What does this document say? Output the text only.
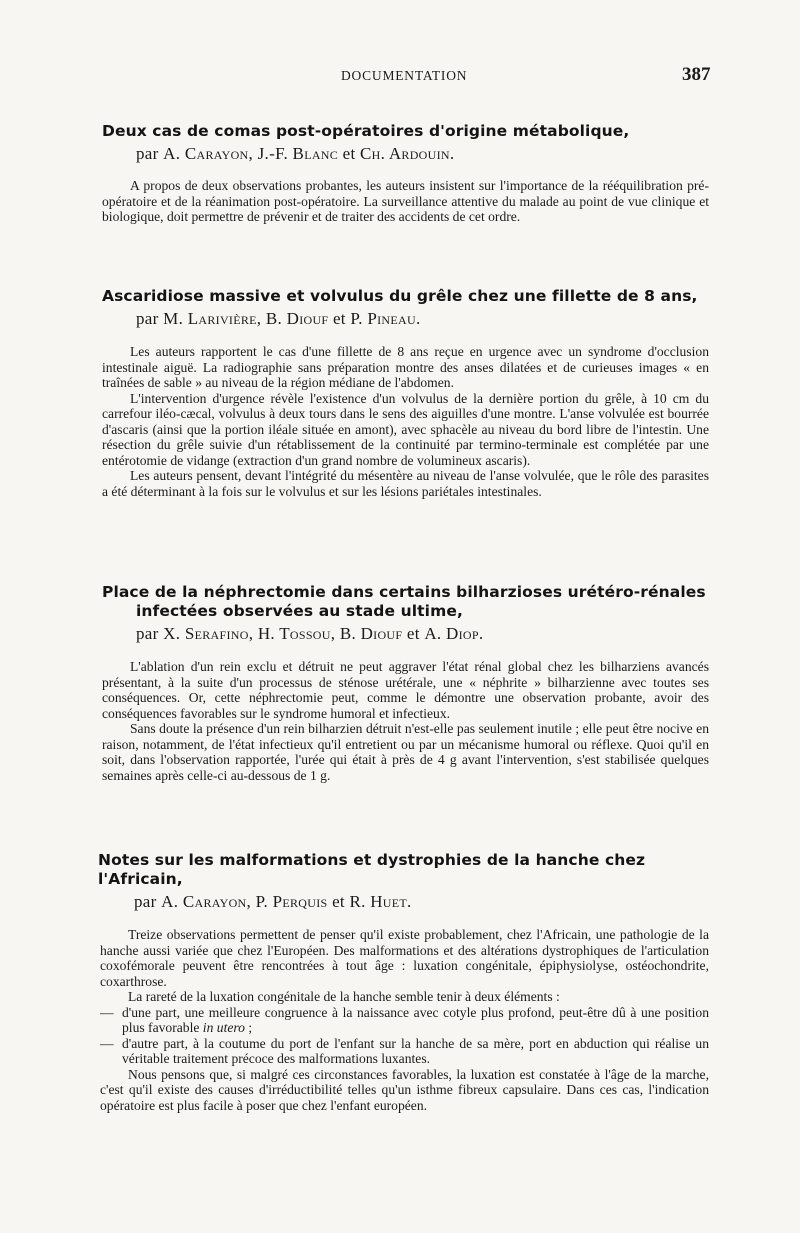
DOCUMENTATION	387
Deux cas de comas post-opératoires d'origine métabolique,
par A. Carayon, J.-F. Blanc et Ch. Ardouin.

A propos de deux observations probantes, les auteurs insistent sur l'importance de la rééquilibration pré-opératoire et de la réanimation post-opératoire. La surveillance attentive du malade au point de vue clinique et biologique, doit permettre de prévenir et de traiter des accidents de cet ordre.

Ascaridiose massive et volvulus du grêle chez une fillette de 8 ans,
par M. Larivière, B. Diouf et P. Pineau.

Les auteurs rapportent le cas d'une fillette de 8 ans reçue en urgence avec un syndrome d'occlusion intestinale aiguë. La radiographie sans préparation montre des anses dilatées et de curieuses images « en traînées de sable » au niveau de la région médiane de l'abdomen.

L'intervention d'urgence révèle l'existence d'un volvulus de la dernière portion du grêle, à 10 cm du carrefour iléo-cæcal, volvulus à deux tours dans le sens des aiguilles d'une montre. L'anse volvulée est bourrée d'ascaris (ainsi que la portion iléale située en amont), avec sphacèle au niveau du bord libre de l'intestin. Une résection du grêle suivie d'un rétablissement de la continuité par termino-terminale est complétée par une entérotomie de vidange (extraction d'un grand nombre de volumineux ascaris).

Les auteurs pensent, devant l'intégrité du mésentère au niveau de l'anse volvulée, que le rôle des parasites a été déterminant à la fois sur le volvulus et sur les lésions pariétales intestinales.

Place de la néphrectomie dans certains bilharzioses urétéro-rénales infectées observées au stade ultime,
par X. Serafino, H. Tossou, B. Diouf et A. Diop.

L'ablation d'un rein exclu et détruit ne peut aggraver l'état rénal global chez les bilharziens avancés présentant, à la suite d'un processus de sténose urétérale, une « néphrite » bilharzienne avec toutes ses conséquences. Or, cette néphrectomie peut, comme le démontre une observation probante, avoir des conséquences favorables sur le syndrome humoral et infectieux.

Sans doute la présence d'un rein bilharzien détruit n'est-elle pas seulement inutile ; elle peut être nocive en raison, notamment, de l'état infectieux qu'il entretient ou par un mécanisme humoral ou réflexe. Quoi qu'il en soit, dans l'observation rapportée, l'urée qui était à près de 4 g avant l'intervention, s'est stabilisée quelques semaines après celle-ci au-dessous de 1 g.

Notes sur les malformations et dystrophies de la hanche chez l'Africain,
par A. Carayon, P. Perquis et R. Huet.

Treize observations permettent de penser qu'il existe probablement, chez l'Africain, une pathologie de la hanche aussi variée que chez l'Européen. Des malformations et des altérations dystrophiques de l'articulation coxofémorale peuvent être rencontrées à tout âge : luxation congénitale, épiphysiolyse, ostéochondrite, coxarthrose.

La rareté de la luxation congénitale de la hanche semble tenir à deux éléments :

— d'une part, une meilleure congruence à la naissance avec cotyle plus profond, peut-être dû à une position plus favorable in utero ;

— d'autre part, à la coutume du port de l'enfant sur la hanche de sa mère, port en abduction qui réalise un véritable traitement précoce des malformations luxantes.

Nous pensons que, si malgré ces circonstances favorables, la luxation est constatée à l'âge de la marche, c'est qu'il existe des causes d'irréductibilité telles qu'un isthme fibreux capsulaire. Dans ces cas, l'indication opératoire est plus facile à poser que chez l'enfant européen.
